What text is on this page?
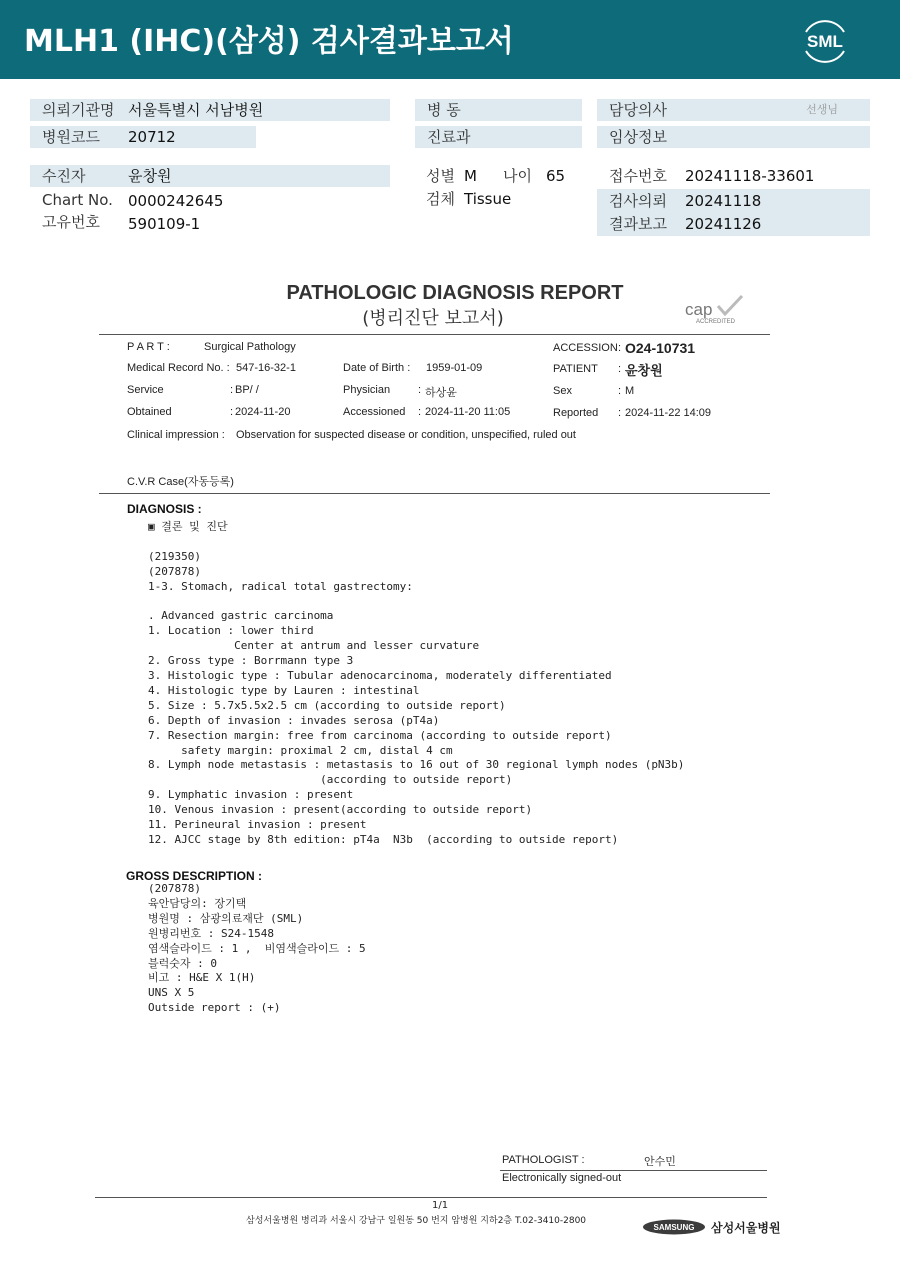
MLH1 (IHC)(삼성) 검사결과보고서	SML
의뢰기관명 서울특별시 서남병원
병원코드 20712
병 동
진료과
담당의사	선생님
임상정보
수진자	윤창원
Chart No. 0000242645
고유번호 590109-1
성별 M 나이 65
검체 Tissue
접수번호 20241118-33601
검사의뢰 20241118
결과보고 20241126
PATHOLOGIC DIAGNOSIS REPORT
(병리진단 보고서)	cap
ACCREDITED
P A R T :	Surgical Pathology	ACCESSION : O24-10731
Medical Record No. : 547-16-32-1	Date of Birth : 1959-01-09	PATIENT : 윤창원
Service	: BP/ /	Physician	: 하상윤	Sex	: M
Obtained	: 2024-11-20	Accessioned : 2024-11-20 11:05	Reported : 2024-11-22 14:09
Clinical impression : Observation for suspected disease or condition, unspecified, ruled out
C.V.R Case(자동등록)
DIAGNOSIS :
▣ 결론 및 진단
(219350)
(207878)
1-3. Stomach, radical total gastrectomy:
. Advanced gastric carcinoma
1. Location : lower third
Center at antrum and lesser curvature
2. Gross type : Borrmann type 3
3. Histologic type : Tubular adenocarcinoma, moderately differentiated
4. Histologic type by Lauren : intestinal
5. Size : 5.7x5.5x2.5 cm (according to outside report)
6. Depth of invasion : invades serosa (pT4a)
7. Resection margin: free from carcinoma (according to outside report)
safety margin: proximal 2 cm, distal 4 cm
8. Lymph node metastasis : metastasis to 16 out of 30 regional lymph nodes (pN3b)
(according to outside report)
9. Lymphatic invasion : present
10. Venous invasion : present(according to outside report)
11. Perineural invasion : present
12. AJCC stage by 8th edition: pT4a  N3b  (according to outside report)
GROSS DESCRIPTION :
(207878)
육안담당의: 장기택
병원명 : 삼광의료재단 (SML)
원병리번호 : S24-1548
염색슬라이드 : 1 ,  비염색슬라이드 : 5
블럭숫자 : 0
비고 : H&E X 1(H)
UNS X 5
Outside report : (+)
PATHOLOGIST :	안수민
Electronically signed-out
1/1
삼성서울병원 병리과 서울시 강남구 일원동 50 번지 암병원 지하2층 T.02-3410-2800
SAMSUNG 삼성서울병원
